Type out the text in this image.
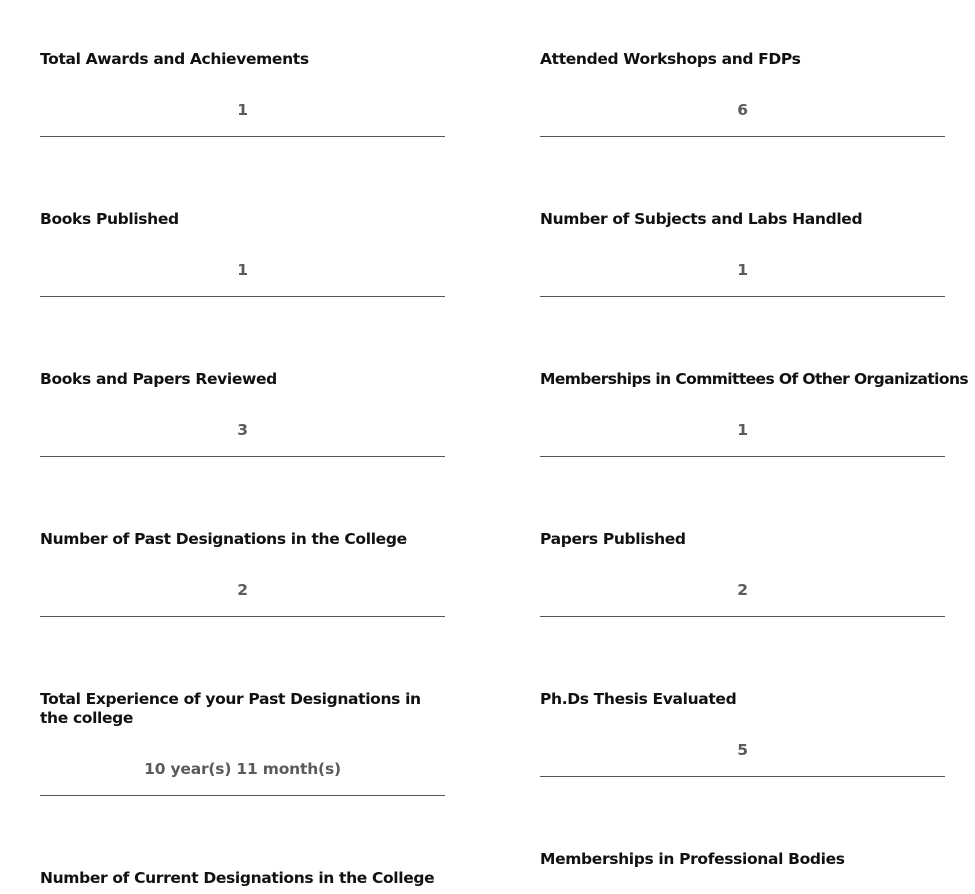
Total Awards and Achievements

1

Attended Workshops and FDPs

6

Books Published

1

Number of Subjects and Labs Handled

1

Books and Papers Reviewed

3

Memberships in Committees Of Other Organizations

1

Number of Past Designations in the College

2

Papers Published

2

Total Experience of your Past Designations in the college

10 year(s) 11 month(s)

Ph.Ds Thesis Evaluated

5

Number of Current Designations in the College

Memberships in Professional Bodies
